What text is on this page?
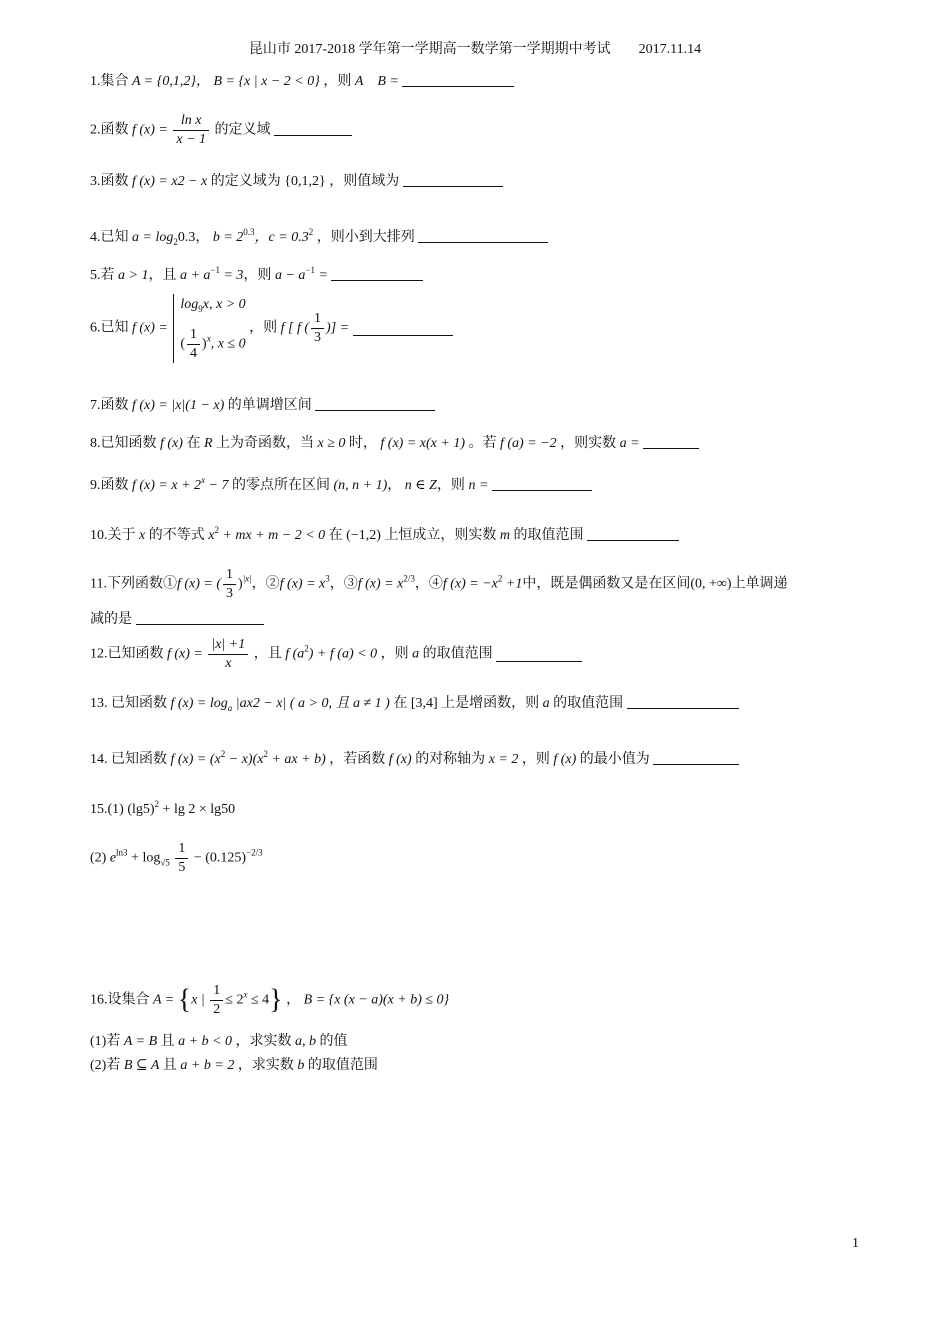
昆山市 2017-2018 学年第一学期高一数学第一学期期中考试　　2017.11.14
1.集合 A = {0,1,2}， B = {x | x − 2 < 0} ，则 A B =
2.函数 f $(x) = \frac{\text{ln x}}{x - 1}$ 的定义域
3.函数 f (x) = x2 − x 的定义域为 {0,1,2} ，则值域为
4.已知 $a = \log_20.3$， $b = 2^{0.3}$，$c = 0.3^2$ ，则小到大排列
5.若 a > 1，且 $a + a^{-1} = 3$，则 $a - a^{-1}$ =
6.已知 f (x) =
$\log_9x$, x > 0
( $\frac{1}{4} )^x$, x ≤ 0
，则 f [ f ( $\frac{1}{3}$ )] =
7.函数 f (x) = |x|(1 − x) 的单调增区间
8.已知函数 f (x) 在 R 上为奇函数，当 x ≥ 0 时， f (x) = x(x + 1) 。若 f (a) = −2 ，则实数 a =
9.函数 f $(x) = x + 2^x - 7$ 的零点所在区间 (n, n + 1)， n ∈ Z，则 n =
10.关于 x 的不等式 $x^2$ + mx + m − 2 < 0 在 (−1,2) 上恒成立，则实数 m 的取值范围
11.下列函数①f (x) = ( $\frac{1}{3} )^{|x|}$，②f $(x) = x^3$，③f $(x) = x^{2/3}$，④f $(x) = -x^2 +1$中，既是偶函数又是在区间(0, +∞)上单调递
减的是
12.已知函数 f $(x) = \frac{|x| +1}{x}$ ，且 f $(a^2) + f$ (a) < 0 ，则 a 的取值范围
13. 已知函数 f $(x) = \log_a |ax2 - x|$ ( a > 0, 且 a ≠ 1 ) 在 [3,4] 上是增函数，则 a 的取值范围
14. 已知函数 f $(x) = (x^2 - x)(x^2$ + ax + b) ，若函数 f (x) 的对称轴为 x = 2 ，则 f (x) 的最小值为
15.(1) $(\lg 5)^2 + \lg 2 \times \lg 50$
(2) $e^{ln3} + \log_{√5} \frac{1}{5} - (0.125)^{-2/3}$
16.设集合 A = {x | $\frac{1}{2} \le 2^x \le 4$} ， B = {x (x − a)(x + b) ≤ 0}
(1)若 A = B 且 a + b < 0 ，求实数 a, b 的值
(2)若 B ⊆ A 且 a + b = 2 ，求实数 b 的取值范围
1
